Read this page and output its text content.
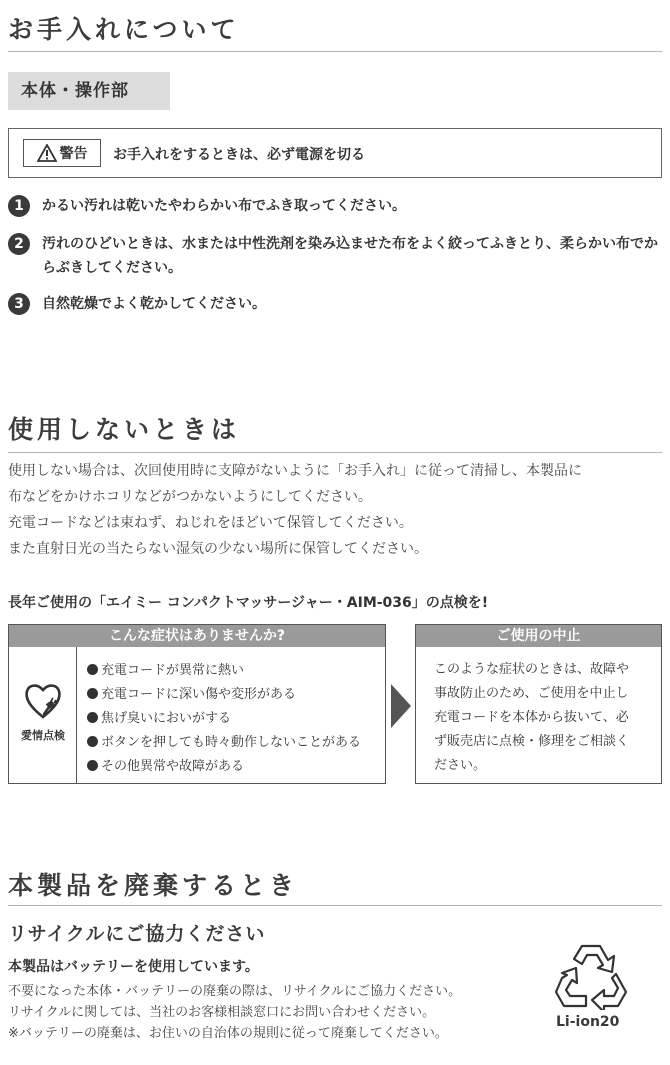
お手入れについて
本体・操作部
警告 お手入れをするときは、必ず電源を切る
1	かるい汚れは乾いたやわらかい布でふき取ってください。
2	汚れのひどいときは、水または中性洗剤を染み込ませた布をよく絞ってふきとり、柔らかい布でからぶきしてください。
3	自然乾燥でよく乾かしてください。
使用しないときは
使用しない場合は、次回使用時に支障がないように「お手入れ」に従って清掃し、本製品に
布などをかけホコリなどがつかないようにしてください。
充電コードなどは束ねず、ねじれをほどいて保管してください。
また直射日光の当たらない湿気の少ない場所に保管してください。
長年ご使用の「エイミー コンパクトマッサージャー・AIM-036」の点検を!
こんな症状はありませんか?
愛情点検
充電コードが異常に熱い
充電コードに深い傷や変形がある
焦げ臭いにおいがする
ボタンを押しても時々動作しないことがある
その他異常や故障がある
ご使用の中止
このような症状のときは、故障や
事故防止のため、ご使用を中止し
充電コードを本体から抜いて、必
ず販売店に点検・修理をご相談く
ださい。
本製品を廃棄するとき
リサイクルにご協力ください
本製品はバッテリーを使用しています。
不要になった本体・バッテリーの廃棄の際は、リサイクルにご協力ください。
リサイクルに関しては、当社のお客様相談窓口にお問い合わせください。
※バッテリーの廃棄は、お住いの自治体の規則に従って廃棄してください。
Li-ion20
